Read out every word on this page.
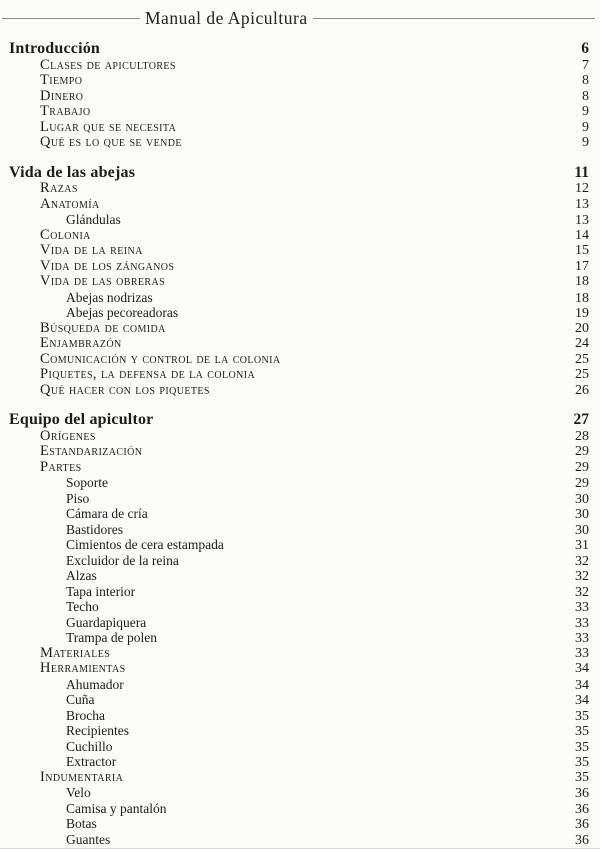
Manual de Apicultura
Introducción	6
Clases de apicultores	7
Tiempo	8
Dinero	8
Trabajo	9
Lugar que se necesita	9
Qué es lo que se vende	9
Vida de las abejas	11
Razas	12
Anatomía	13
Glándulas	13
Colonia	14
Vida de la reina	15
Vida de los zánganos	17
Vida de las obreras	18
Abejas nodrizas	18
Abejas pecoreadoras	19
Búsqueda de comida	20
Enjambrazón	24
Comunicación y control de la colonia	25
Piquetes, la defensa de la colonia	25
Qué hacer con los piquetes	26
Equipo del apicultor	27
Orígenes	28
Estandarización	29
Partes	29
Soporte	29
Piso	30
Cámara de cría	30
Bastidores	30
Cimientos de cera estampada	31
Excluidor de la reina	32
Alzas	32
Tapa interior	32
Techo	33
Guardapiquera	33
Trampa de polen	33
Materiales	33
Herramientas	34
Ahumador	34
Cuña	34
Brocha	35
Recipientes	35
Cuchillo	35
Extractor	35
Indumentaria	35
Velo	36
Camisa y pantalón	36
Botas	36
Guantes	36
